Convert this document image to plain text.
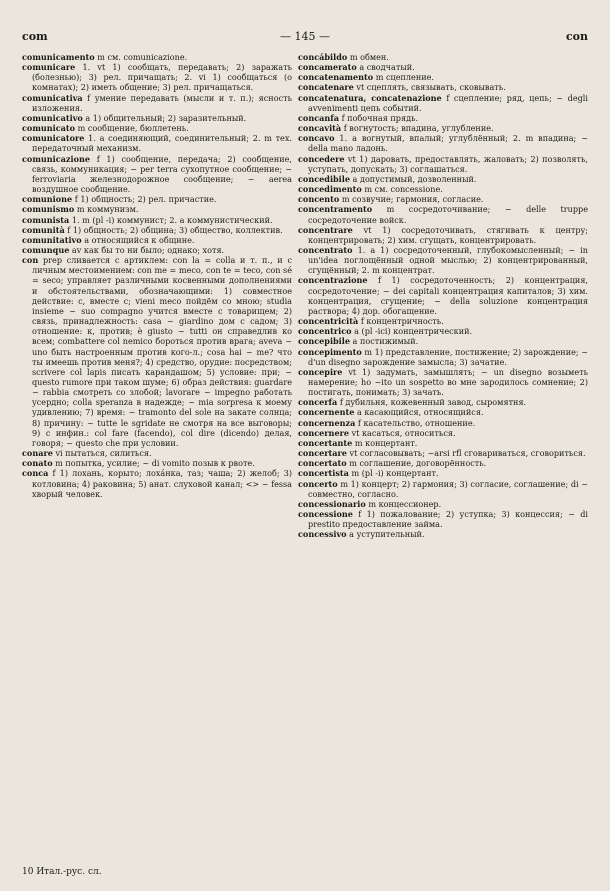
com	— 145 —	con

comunicamento m см. comunicazione.

comunicare 1. vt 1) сообщать, передавать; 2) заражать (болезнью); 3) рел. причащать; 2. vi 1) сообщаться (о комнатах); 2) иметь общение; 3) рел. причащаться.

comunicativa f умение передавать (мысли и т. п.); ясность изложения.

comunicativo a 1) общительный; 2) заразительный.

comunicato m сообщение, бюллетень.

comunicatore 1. a соединяющий, соединительный; 2. m тех. передаточный механизм.

comunicazione f 1) сообщение, передача; 2) сообщение, связь, коммуникация; ~ per terra сухопутное сообщение; ~ ferroviaria железнодорожное сообщение; ~ aerea воздушное сообщение.

comunione f 1) общность; 2) рел. причастие.

comunismo m коммунизм.

comunista 1. m (pl -i) коммунист; 2. a коммунистический.

comunità f 1) общность; 2) община; 3) общество, коллектив.

comunitativo a относящийся к общине.

comunque av как бы то ни было; однако; хотя.

con prep сливается с артиклем: con la = colla и т. п., и с личным местоимением: con me = meco, con te = teco, con sé = seco; управляет различными косвенными дополнениями и обстоятельствами, обозначающими: 1) совместное действие: с, вместе с; vieni meco пойдём со мною; studia insieme ~ suo compagno учится вместе с товарищем; 2) связь, принадлежность: casa ~ giardino дом с садом; 3) отношение: к, против; è giusto ~ tutti он справедлив ко всем; combattere col nemico бороться против врага; aveva ~ uno быть настроенным против кого-л.; cosa hai ~ me? что ты имеешь против меня?; 4) средство, орудие: посредством; scrivere col lapis писать карандашом; 5) условие: при; ~ questo rumore при таком шуме; 6) образ действия: guardare ~ rabbia смотреть со злобой; lavorare ~ impegno работать усердно; colla speranza в надежде; ~ mia sorpresa к моему удивлению; 7) время: ~ tramonto del sole на закате солнца; 8) причину: ~ tutte le sgridate не смотря на все выговоры; 9) с инфин.: col fare (facendo), col dire (dicendo) делая, говоря; ~ questo che при условии.

conare vi пытаться, силиться.

conato m попытка, усилие; ~ di vomito позыв к рвоте.

conca f 1) лохань, корыто; лохáнка, таз; чаша; 2) желоб; 3) котловина; 4) раковина; 5) анат. слуховой канал; <> ~ fessa хворый человек.

concábildo m обмен.

concamerato a сводчатый.

concatenamento m сцепление.

concatenare vt сцеплять, связывать, сковывать.

concatenatura, concatenazione f сцепление; ряд, цепь; ~ degli avvenimenti цепь событий.

concanfa f побочная прядь.

concavità f вогнутость; впадина, углубление.

concavo 1. a вогнутый, впалый; углублённый; 2. m впадина; ~ della mano ладонь.

concedere vt 1) даровать, предоставлять, жаловать; 2) позволять, уступать, допускать; 3) соглашаться.

concedibile a допустимый, дозволенный.

concedimento m см. concessione.

concento m созвучие; гармония, согласие.

concentramento m сосредоточивание; ~ delle truppe сосредоточение войск.

concentrare vt 1) сосредоточивать, стягивать к центру; концентрировать; 2) хим. сгущать, концентрировать.

concentrato 1. a 1) сосредоточенный, глубокомысленный; ~ in un'idea поглощённый одной мыслью; 2) концентрированный, сгущённый; 2. m концентрат.

concentrazione f 1) сосредоточенность; 2) концентрация, сосредоточение; ~ dei capitali концентрация капиталов; 3) хим. концентрация, сгущение; ~ della soluzione концентрация раствора; 4) дор. обогащение.

concentricità f концентричность.

concentrico a (pl -ici) концентрический.

concepibile a постижимый.

concepimento m 1) представление, постижение; 2) зарождение; ~ d'un disegno зарождение замысла; 3) зачатие.

concepire vt 1) задумать, замышлять; ~ un disegno возыметь намерение; ho ~ito un sospetto во мне зародилось сомнение; 2) постигать, понимать; 3) зачать.

concerfa f дубильня, кожевенный завод, сыромятня.

concernente a касающийся, относящийся.

concernenza f касательство, отношение.

concernere vt касаться, относиться.

concertante m концертант.

concertare vt согласовывать; ~arsi rfl сговариваться, сговориться.

concertato m соглашение, договорённость.

concertista m (pl -i) концертант.

concerto m 1) концерт; 2) гармония; 3) согласие, соглашение; di ~ совместно, согласно.

concessionario m концессионер.

concessione f 1) пожалование; 2) уступка; 3) концессия; ~ di prestito предоставление займа.

concessivo a уступительный.

10 Итал.-рус. сл.
